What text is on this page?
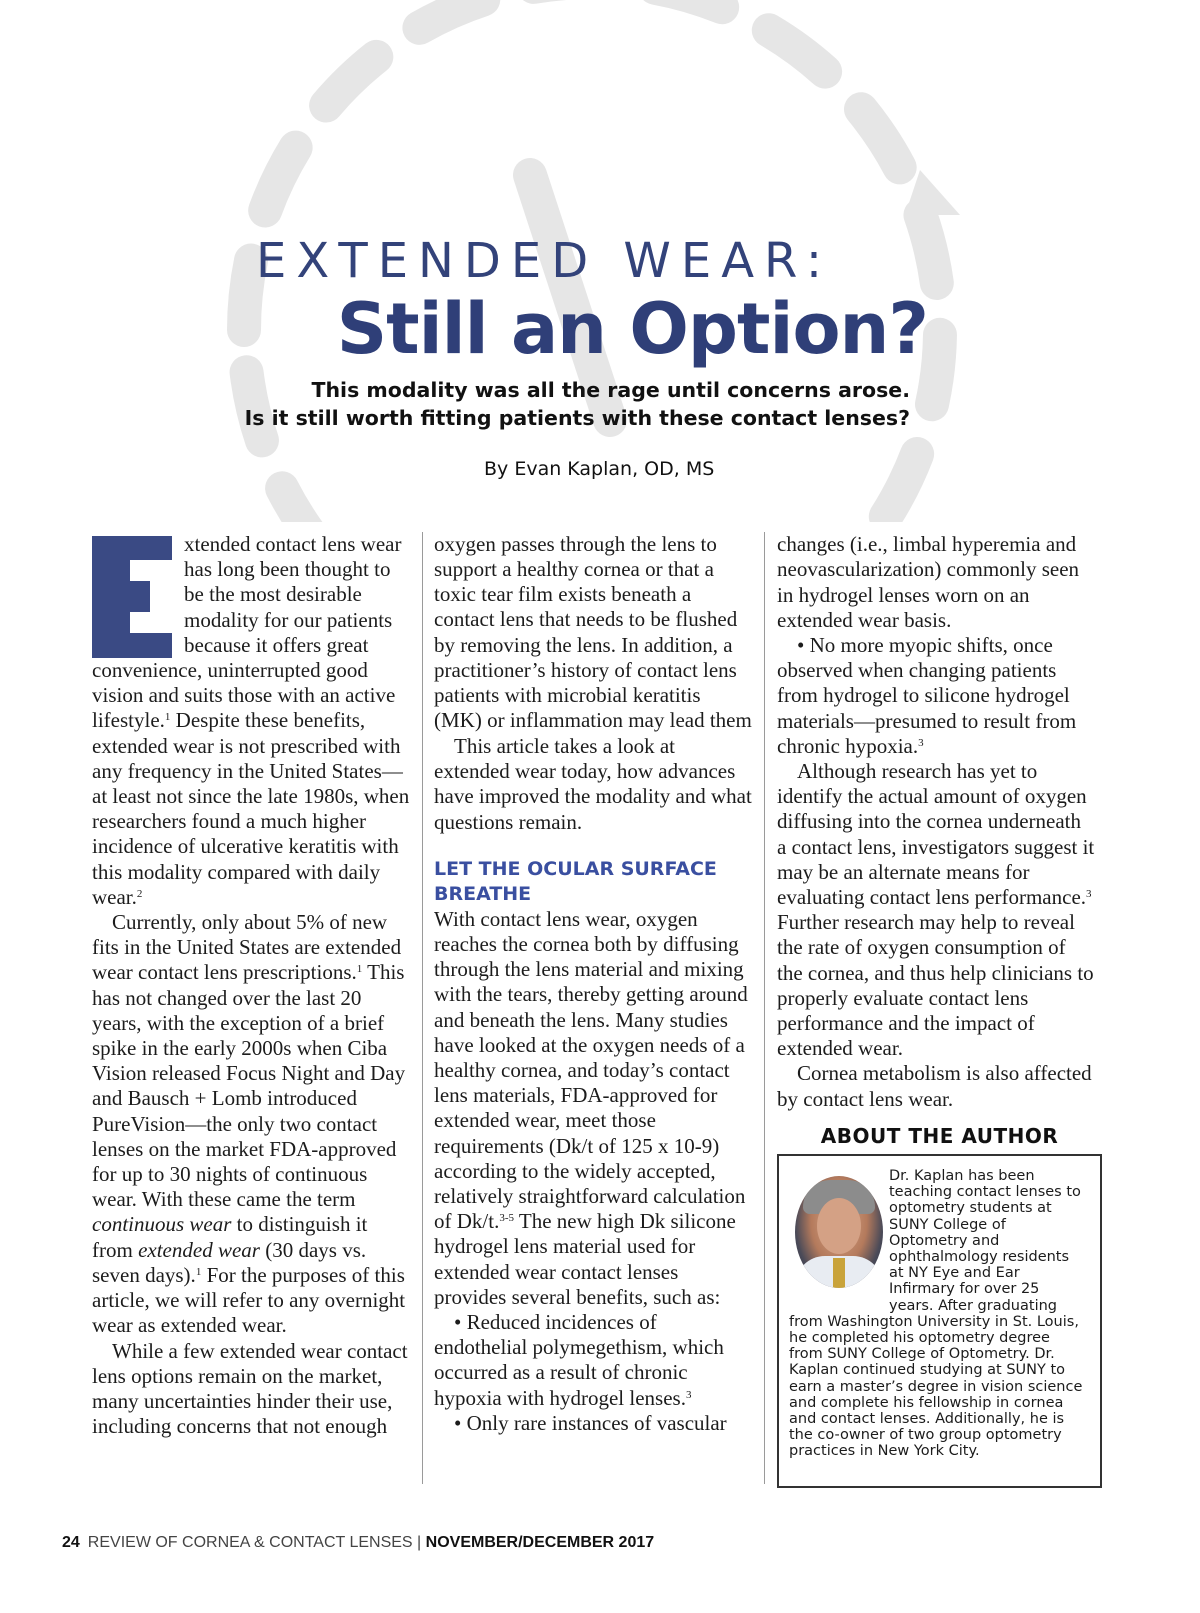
EXTENDED WEAR:
Still an Option?
This modality was all the rage until concerns arose.
Is it still worth fitting patients with these contact lenses?
By Evan Kaplan, OD, MS

xtended contact lens wear has long been thought to be the most desirable modality for our patients because it offers great convenience, uninterrupted good vision and suits those with an active lifestyle.$^1$ Despite these benefits, extended wear is not prescribed with any frequency in the United States—at least not since the late 1980s, when researchers found a much higher incidence of ulcerative keratitis with this modality compared with daily wear.$^2$

Currently, only about 5% of new fits in the United States are extended wear contact lens prescriptions.$^1$ This has not changed over the last 20 years, with the exception of a brief spike in the early 2000s when Ciba Vision released Focus Night and Day and Bausch + Lomb introduced PureVision—the only two contact lenses on the market FDA-approved for up to 30 nights of continuous wear. With these came the term continuous wear to distinguish it from extended wear (30 days vs. seven days).$^1$ For the purposes of this article, we will refer to any overnight wear as extended wear.

While a few extended wear contact lens options remain on the market, many uncertainties hinder their use, including concerns that not enough

oxygen passes through the lens to support a healthy cornea or that a toxic tear film exists beneath a contact lens that needs to be flushed by removing the lens. In addition, a practitioner’s history of contact lens patients with microbial keratitis (MK) or inflammation may lead them

This article takes a look at extended wear today, how advances have improved the modality and what questions remain.

LET THE OCULAR SURFACE BREATHE

With contact lens wear, oxygen reaches the cornea both by diffusing through the lens material and mixing with the tears, thereby getting around and beneath the lens. Many studies have looked at the oxygen needs of a healthy cornea, and today’s contact lens materials, FDA-approved for extended wear, meet those requirements (Dk/t of 125 x 10-9) according to the widely accepted, relatively straightforward calculation of Dk/t.$^{3-5}$ The new high Dk silicone hydrogel lens material used for extended wear contact lenses provides several benefits, such as:

• Reduced incidences of endothelial polymegethism, which occurred as a result of chronic hypoxia with hydrogel lenses.$^3$

• Only rare instances of vascular

changes (i.e., limbal hyperemia and neovascularization) commonly seen in hydrogel lenses worn on an extended wear basis.

• No more myopic shifts, once observed when changing patients from hydrogel to silicone hydrogel materials—presumed to result from chronic hypoxia.$^3$

Although research has yet to identify the actual amount of oxygen diffusing into the cornea underneath a contact lens, investigators suggest it may be an alternate means for evaluating contact lens performance.$^3$ Further research may help to reveal the rate of oxygen consumption of the cornea, and thus help clinicians to properly evaluate contact lens performance and the impact of extended wear.

Cornea metabolism is also affected by contact lens wear.

ABOUT THE AUTHOR
Dr. Kaplan has been teaching contact lenses to optometry students at SUNY College of Optometry and ophthalmology residents at NY Eye and Ear Infirmary for over 25 years. After graduating from Washington University in St. Louis, he completed his optometry degree from SUNY College of Optometry. Dr. Kaplan continued studying at SUNY to earn a master’s degree in vision science and complete his fellowship in cornea and contact lenses. Additionally, he is the co-owner of two group optometry practices in New York City.
24 REVIEW OF CORNEA & CONTACT LENSES | NOVEMBER/DECEMBER 2017
